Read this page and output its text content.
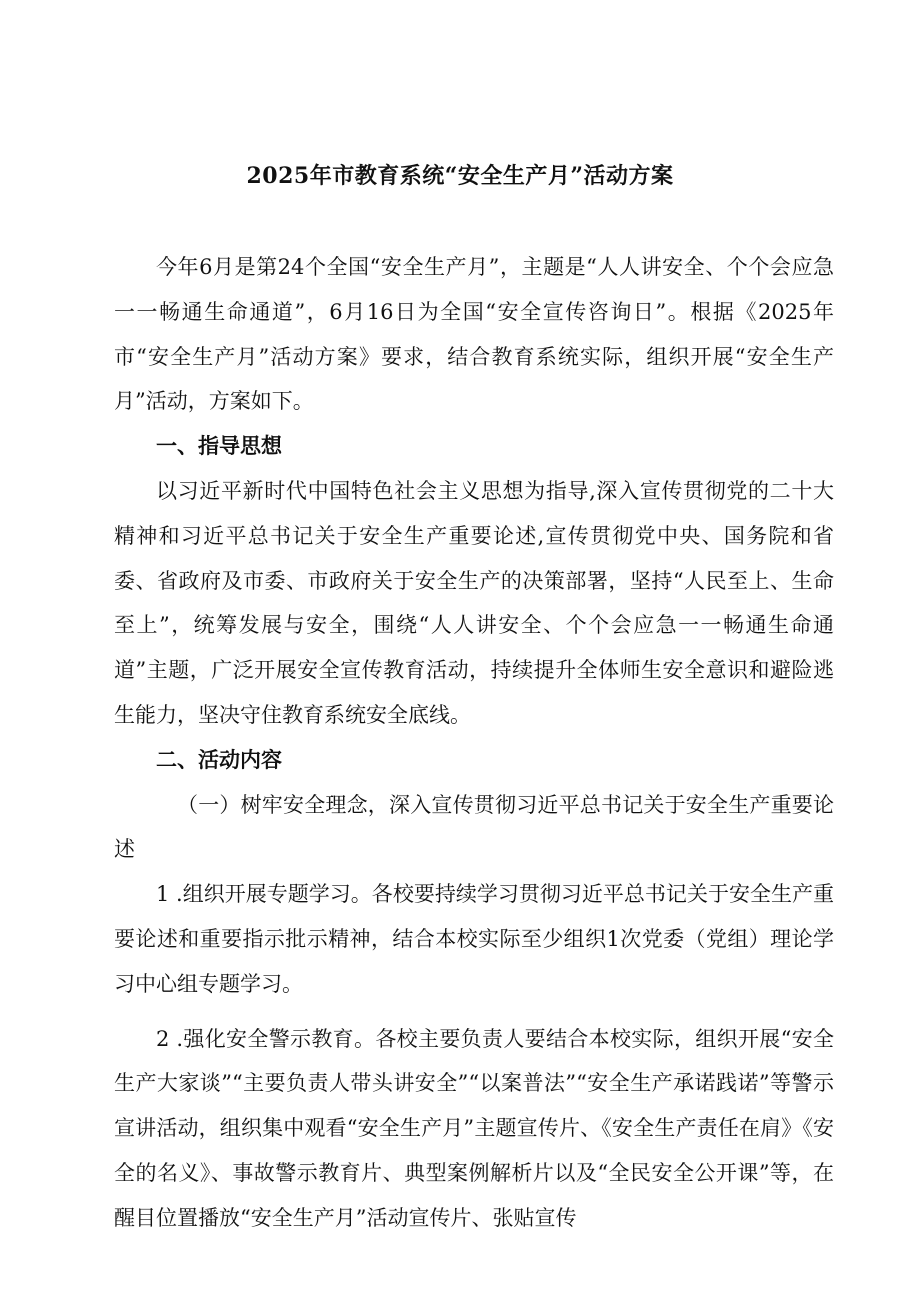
2025年市教育系统“安全生产月”活动方案

今年6月是第24个全国“安全生产月”，主题是“人人讲安全、个个会应急一一畅通生命通道”，6月16日为全国“安全宣传咨询日”。根据《2025年市“安全生产月”活动方案》要求，结合教育系统实际，组织开展“安全生产月”活动，方案如下。

一、指导思想

以习近平新时代中国特色社会主义思想为指导,深入宣传贯彻党的二十大精神和习近平总书记关于安全生产重要论述,宣传贯彻党中央、国务院和省委、省政府及市委、市政府关于安全生产的决策部署，坚持“人民至上、生命至上”，统筹发展与安全，围绕“人人讲安全、个个会应急一一畅通生命通道”主题，广泛开展安全宣传教育活动，持续提升全体师生安全意识和避险逃生能力，坚决守住教育系统安全底线。

二、活动内容

（一）树牢安全理念，深入宣传贯彻习近平总书记关于安全生产重要论述

1 .组织开展专题学习。各校要持续学习贯彻习近平总书记关于安全生产重要论述和重要指示批示精神，结合本校实际至少组织1次党委（党组）理论学习中心组专题学习。

2 .强化安全警示教育。各校主要负责人要结合本校实际，组织开展“安全生产大家谈”“主要负责人带头讲安全”“以案普法”“安全生产承诺践诺”等警示宣讲活动，组织集中观看“安全生产月”主题宣传片、《安全生产责任在肩》《安全的名义》、事故警示教育片、典型案例解析片以及“全民安全公开课”等，在醒目位置播放“安全生产月”活动宣传片、张贴宣传
